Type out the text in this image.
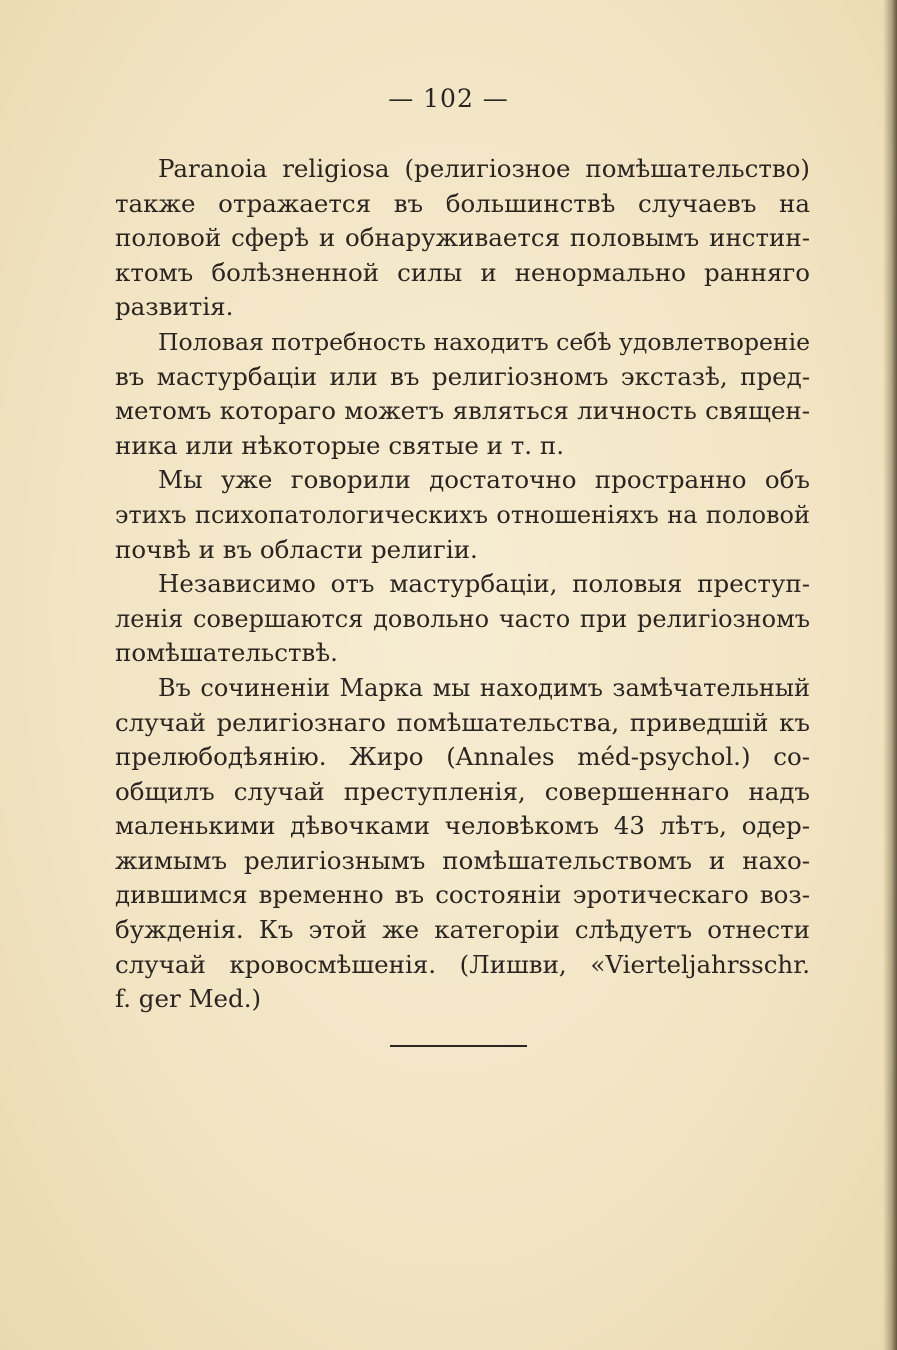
— 102 —

Paranoia religiosa (религіозное помѣшательство)
также отражается въ большинствѣ случаевъ на
половой сферѣ и обнаруживается половымъ инстин-
ктомъ болѣзненной силы и ненормально ранняго
развитія.

Половая потребность находитъ себѣ удовлетвореніе
въ мастурбаціи или въ религіозномъ экстазѣ, пред-
метомъ котораго можетъ являться личность священ-
ника или нѣкоторые святые и т. п.

Мы уже говорили достаточно пространно объ
этихъ психопатологическихъ отношеніяхъ на половой
почвѣ и въ области религіи.

Независимо отъ мастурбаціи, половыя преступ-
ленія совершаются довольно часто при религіозномъ
помѣшательствѣ.

Въ сочиненіи Марка мы находимъ замѣчательный
случай религіознаго помѣшательства, приведшій къ
прелюбодѣянію. Жиро (Annales méd-psychol.) со-
общилъ случай преступленія, совершеннаго надъ
маленькими дѣвочками человѣкомъ 43 лѣтъ, одер-
жимымъ религіознымъ помѣшательствомъ и нахо-
дившимся временно въ состояніи эротическаго воз-
бужденія. Къ этой же категоріи слѣдуетъ отнести
случай кровосмѣшенія. (Лишви, «Vierteljahrsschr.
f. ger Med.)
